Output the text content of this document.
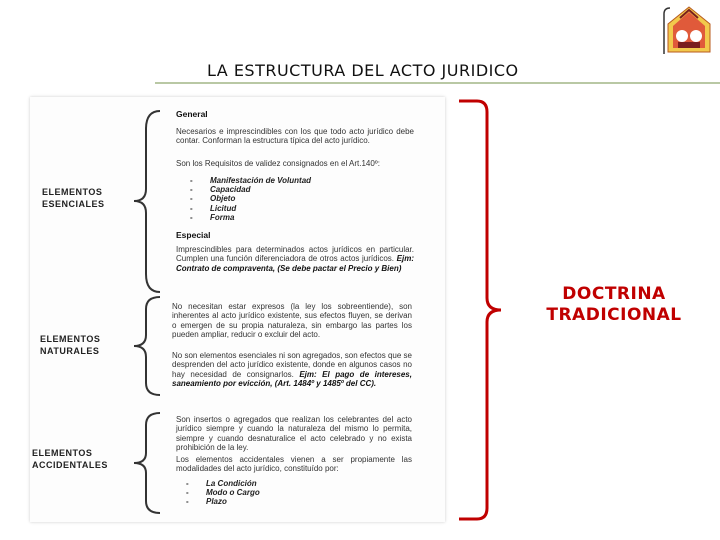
LA ESTRUCTURA DEL ACTO JURIDICO
ELEMENTOS
ESENCIALES
General
Necesarios e imprescindibles con los que todo acto jurídico debe contar. Conforman la estructura típica del acto jurídico.
Son los Requisitos de validez consignados en el Art.140º:
- Manifestación de Voluntad
- Capacidad
- Objeto
- Licitud
- Forma
Especial
Imprescindibles para determinados actos jurídicos en particular. Cumplen una función diferenciadora de otros actos jurídicos. Ejm: Contrato de compraventa, (Se debe pactar el Precio y Bien)
ELEMENTOS
NATURALES
No necesitan estar expresos (la ley los sobreentiende), son inherentes al acto jurídico existente, sus efectos fluyen, se derivan o emergen de su propia naturaleza, sin embargo las partes los pueden ampliar, reducir o excluir del acto.
No son elementos esenciales ni son agregados, son efectos que se desprenden del acto jurídico existente, donde en algunos casos no hay necesidad de consignarlos. Ejm: El pago de intereses, saneamiento por evicción, (Art. 1484º y 1485º del CC).
ELEMENTOS
ACCIDENTALES
Son insertos o agregados que realizan los celebrantes del acto jurídico siempre y cuando la naturaleza del mismo lo permita, siempre y cuando desnaturalice el acto celebrado y no exista prohibición de la ley.
Los elementos accidentales vienen a ser propiamente las modalidades del acto jurídico, constituído por:
- La Condición
- Modo o Cargo
- Plazo
DOCTRINA
TRADICIONAL
